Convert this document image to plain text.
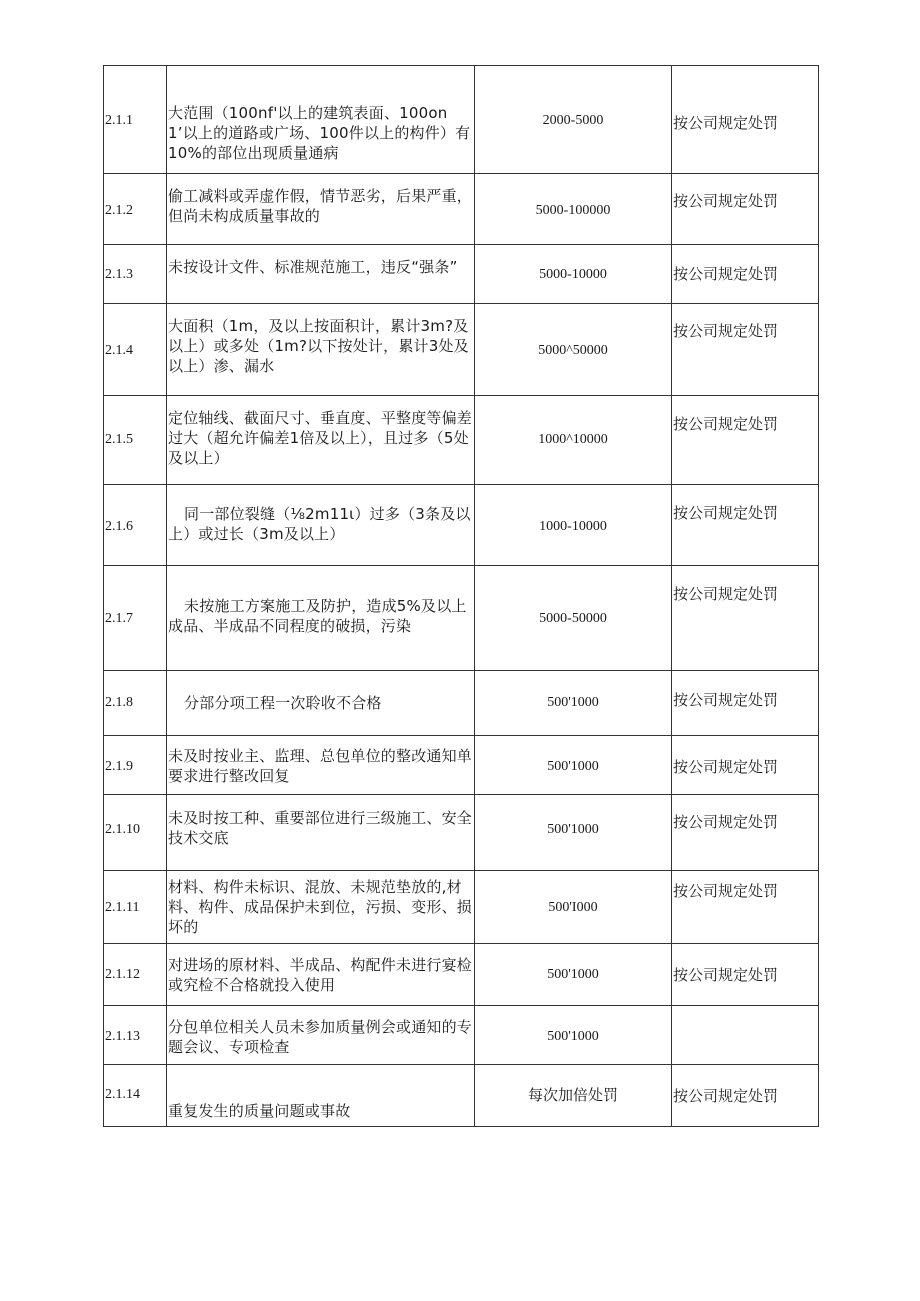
2.1.1	大范围（100nf'以上的建筑表面、100on1’以上的道路或广场、100件以上的构件）有10%的部位出现质量通病	2000-5000	按公司规定处罚

2.1.2	偷工减料或弄虚作假，情节恶劣，后果严重，但尚未构成质量事故的	5000-100000	按公司规定处罚

2.1.3	未按设计文件、标准规范施工，违反“强条”	5000-10000	按公司规定处罚

2.1.4	大面积（1m，及以上按面积计，累计3m?及以上）或多处（1m?以下按处计，累计3处及以上）渗、漏水	5000^50000	按公司规定处罚

2.1.5	定位轴线、截面尺寸、垂直度、平整度等偏差过大（超允许偏差1倍及以上），且过多（5处及以上）	1000^10000	按公司规定处罚

2.1.6	同一部位裂缝（⅛2m11ι）过多（3条及以上）或过长（3m及以上）	1000-10000	按公司规定处罚

2.1.7	未按施工方案施工及防护，造成5%及以上成品、半成品不同程度的破损，污染	5000-50000	按公司规定处罚

2.1.8	分部分项工程一次聆收不合格	500'1000	按公司规定处罚

2.1.9	未及时按业主、监理、总包单位的整改通知单要求进行整改回复	500'1000	按公司规定处罚

2.1.10	未及时按工种、重要部位进行三级施工、安全技术交底	500'1000	按公司规定处罚

2.1.11	材料、构件未标识、混放、未规范垫放的,材料、构件、成品保护未到位，污损、变形、损坏的	500'I000	按公司规定处罚

2.1.12	对进场的原材料、半成品、构配件未进行宴检或究检不合格就投入使用	500'1000	按公司规定处罚

2.1.13	分包单位相关人员未参加质量例会或通知的专题会议、专项检查	500'1000	

2.1.14	重复发生的质量问题或事故	每次加倍处罚	按公司规定处罚
